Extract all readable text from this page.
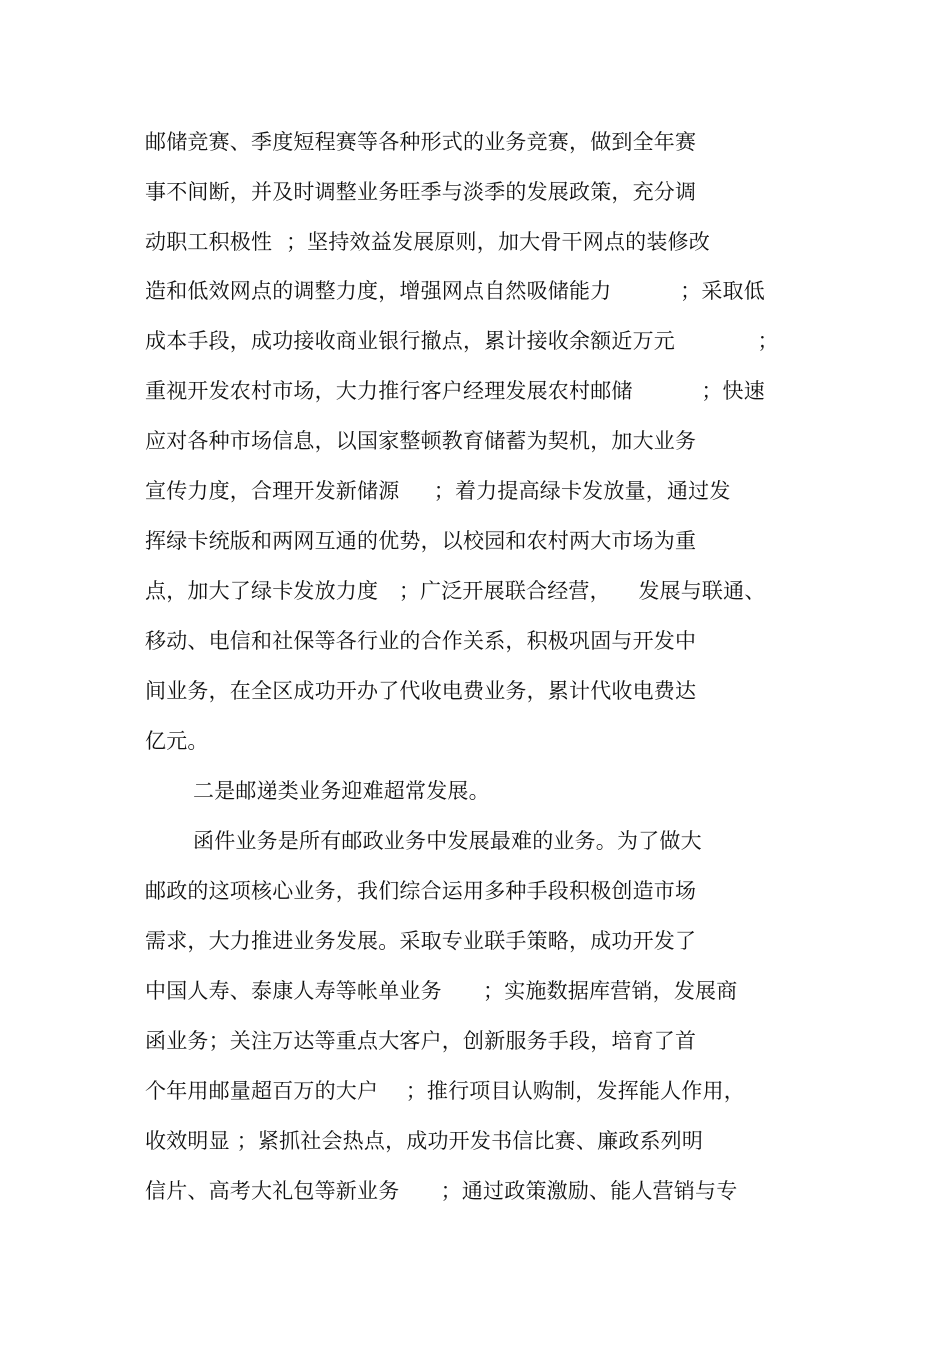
邮储竞赛、季度短程赛等各种形式的业务竞赛，做到全年赛
事不间断，并及时调整业务旺季与淡季的发展政策，充分调
动职工积极性  ；坚持效益发展原则，加大骨干网点的装修改
造和低效网点的调整力度，增强网点自然吸储能力          ；采取低
成本手段，成功接收商业银行撤点，累计接收余额近万元            ；
重视开发农村市场，大力推行客户经理发展农村邮储          ；快速
应对各种市场信息，以国家整顿教育储蓄为契机，加大业务
宣传力度，合理开发新储源     ；着力提高绿卡发放量，通过发
挥绿卡统版和两网互通的优势，以校园和农村两大市场为重
点，加大了绿卡发放力度   ；广泛开展联合经营，    发展与联通、
移动、电信和社保等各行业的合作关系，积极巩固与开发中
间业务，在全区成功开办了代收电费业务，累计代收电费达
亿元。
二是邮递类业务迎难超常发展。
函件业务是所有邮政业务中发展最难的业务。为了做大
邮政的这项核心业务，我们综合运用多种手段积极创造市场
需求，大力推进业务发展。采取专业联手策略，成功开发了
中国人寿、泰康人寿等帐单业务      ；实施数据库营销，发展商
函业务；关注万达等重点大客户，创新服务手段，培育了首
个年用邮量超百万的大户    ；推行项目认购制，发挥能人作用，
收效明显 ；紧抓社会热点，成功开发书信比赛、廉政系列明
信片、高考大礼包等新业务      ；通过政策激励、能人营销与专
